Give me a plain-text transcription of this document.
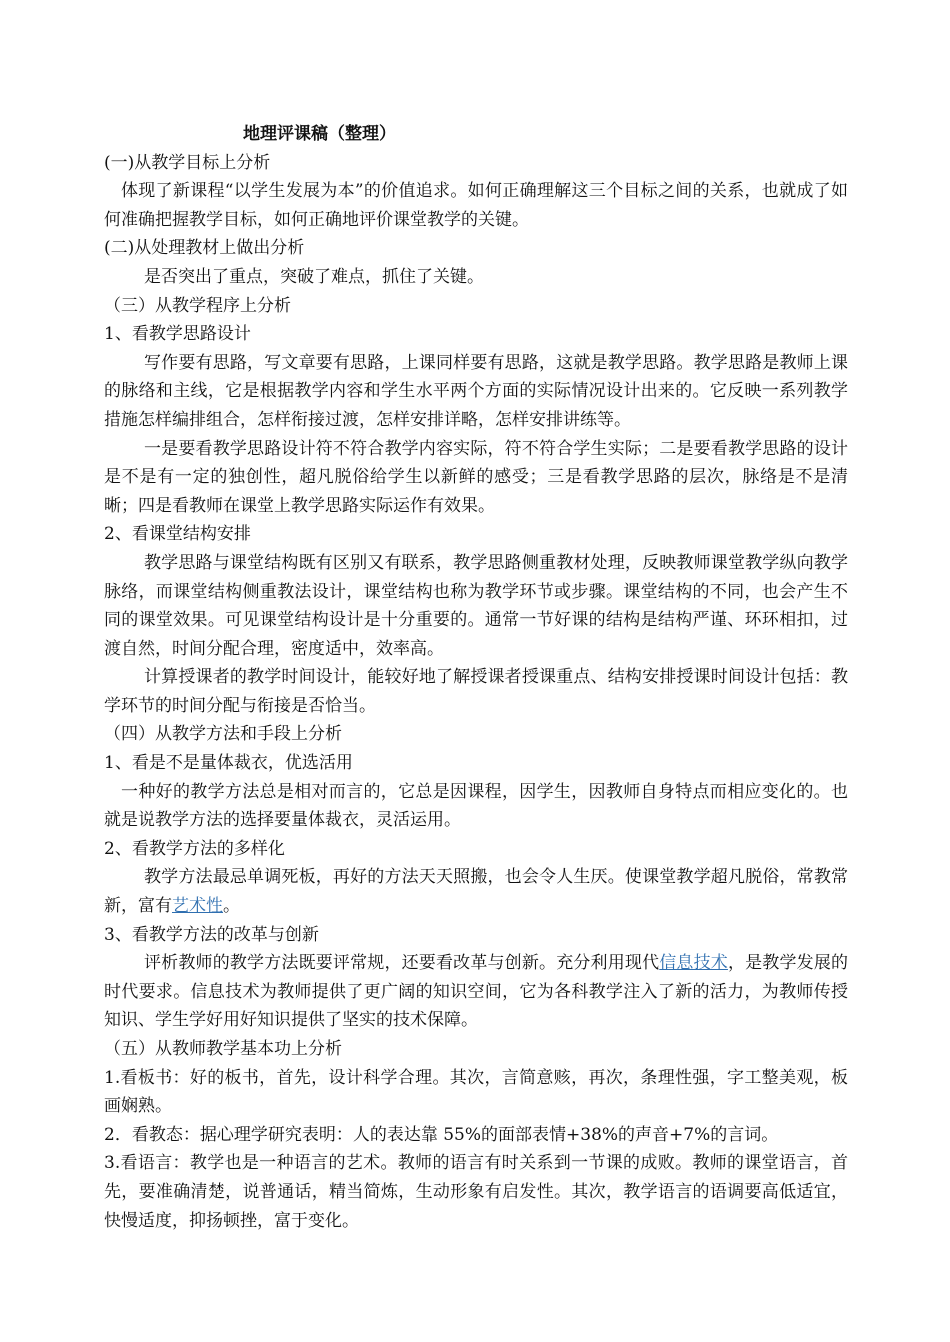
地理评课稿（整理）

(一)从教学目标上分析

体现了新课程“以学生发展为本”的价值追求。如何正确理解这三个目标之间的关系，也就成了如何准确把握教学目标，如何正确地评价课堂教学的关键。

(二)从处理教材上做出分析

是否突出了重点，突破了难点，抓住了关键。

（三）从教学程序上分析

1、看教学思路设计

写作要有思路，写文章要有思路，上课同样要有思路，这就是教学思路。教学思路是教师上课的脉络和主线，它是根据教学内容和学生水平两个方面的实际情况设计出来的。它反映一系列教学措施怎样编排组合，怎样衔接过渡，怎样安排详略，怎样安排讲练等。

一是要看教学思路设计符不符合教学内容实际，符不符合学生实际；二是要看教学思路的设计是不是有一定的独创性，超凡脱俗给学生以新鲜的感受；三是看教学思路的层次，脉络是不是清晰；四是看教师在课堂上教学思路实际运作有效果。

2、看课堂结构安排

教学思路与课堂结构既有区别又有联系，教学思路侧重教材处理，反映教师课堂教学纵向教学脉络，而课堂结构侧重教法设计，课堂结构也称为教学环节或步骤。课堂结构的不同，也会产生不同的课堂效果。可见课堂结构设计是十分重要的。通常一节好课的结构是结构严谨、环环相扣，过渡自然，时间分配合理，密度适中，效率高。

计算授课者的教学时间设计，能较好地了解授课者授课重点、结构安排授课时间设计包括：教学环节的时间分配与衔接是否恰当。

（四）从教学方法和手段上分析

1、看是不是量体裁衣，优选活用

一种好的教学方法总是相对而言的，它总是因课程，因学生，因教师自身特点而相应变化的。也就是说教学方法的选择要量体裁衣，灵活运用。

2、看教学方法的多样化

教学方法最忌单调死板，再好的方法天天照搬，也会令人生厌。使课堂教学超凡脱俗，常教常新，富有艺术性。

3、看教学方法的改革与创新

评析教师的教学方法既要评常规，还要看改革与创新。充分利用现代信息技术，是教学发展的时代要求。信息技术为教师提供了更广阔的知识空间，它为各科教学注入了新的活力，为教师传授知识、学生学好用好知识提供了坚实的技术保障。

（五）从教师教学基本功上分析

1.看板书：好的板书，首先，设计科学合理。其次，言简意赅，再次，条理性强，字工整美观，板画娴熟。

2．看教态：据心理学研究表明：人的表达靠 55%的面部表情+38%的声音+7%的言词。

3.看语言：教学也是一种语言的艺术。教师的语言有时关系到一节课的成败。教师的课堂语言，首先，要准确清楚，说普通话，精当简炼，生动形象有启发性。其次，教学语言的语调要高低适宜，快慢适度，抑扬顿挫，富于变化。
